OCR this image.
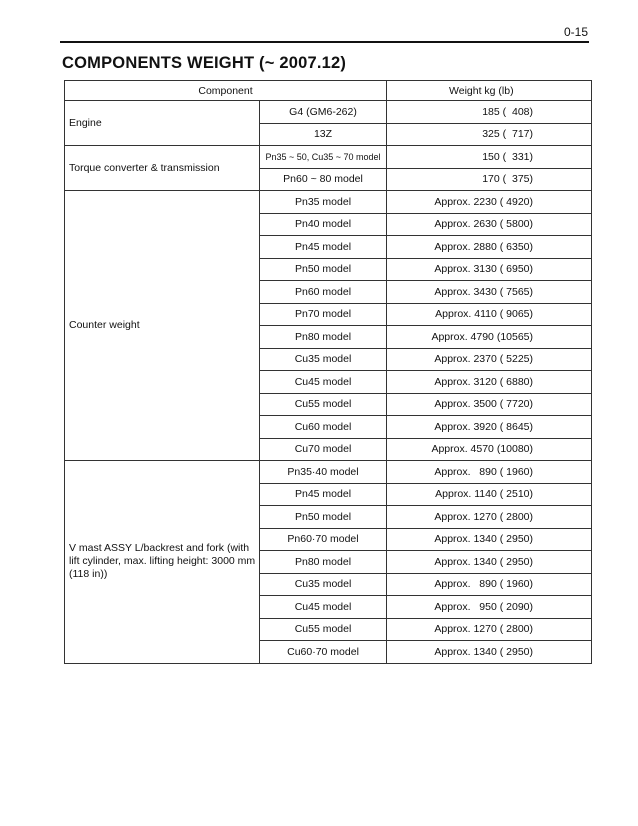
0-15
COMPONENTS WEIGHT (~ 2007.12)
Component		Weight kg (lb)
Engine	G4 (GM6-262)	185 (  408)
	13Z	325 (  717)
Torque converter & transmission	Pn35 ~ 50, Cu35 ~ 70 model	150 (  331)
	Pn60 ~ 80 model	170 (  375)
Counter weight	Pn35 model	Approx. 2230 ( 4920)
	Pn40 model	Approx. 2630 ( 5800)
	Pn45 model	Approx. 2880 ( 6350)
	Pn50 model	Approx. 3130 ( 6950)
	Pn60 model	Approx. 3430 ( 7565)
	Pn70 model	Approx. 4110 ( 9065)
	Pn80 model	Approx. 4790 (10565)
	Cu35 model	Approx. 2370 ( 5225)
	Cu45 model	Approx. 3120 ( 6880)
	Cu55 model	Approx. 3500 ( 7720)
	Cu60 model	Approx. 3920 ( 8645)
	Cu70 model	Approx. 4570 (10080)
V mast ASSY L/backrest and fork (with lift cylinder, max. lifting height: 3000 mm (118 in))	Pn35·40 model	Approx.   890 ( 1960)
	Pn45 model	Approx. 1140 ( 2510)
	Pn50 model	Approx. 1270 ( 2800)
	Pn60·70 model	Approx. 1340 ( 2950)
	Pn80 model	Approx. 1340 ( 2950)
	Cu35 model	Approx.   890 ( 1960)
	Cu45 model	Approx.   950 ( 2090)
	Cu55 model	Approx. 1270 ( 2800)
	Cu60·70 model	Approx. 1340 ( 2950)
